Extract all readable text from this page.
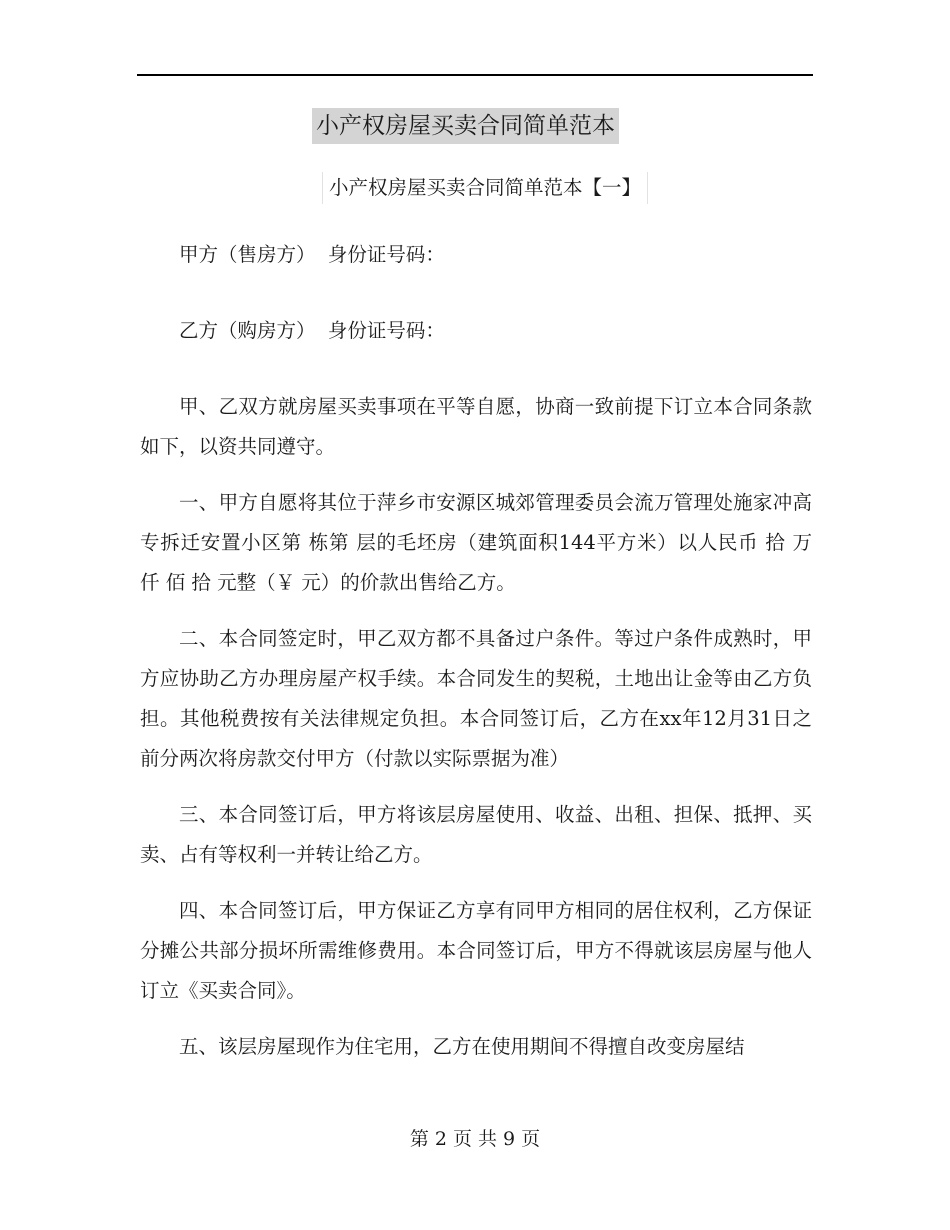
小产权房屋买卖合同简单范本
小产权房屋买卖合同简单范本【一】

甲方（售房方）  身份证号码：

乙方（购房方）  身份证号码：

甲、乙双方就房屋买卖事项在平等自愿，协商一致前提下订立本合同条款如下，以资共同遵守。

一、甲方自愿将其位于萍乡市安源区城郊管理委员会流万管理处施家冲高专拆迁安置小区第 栋第 层的毛坯房（建筑面积144平方米）以人民币 拾 万 仟 佰 拾 元整（￥ 元）的价款出售给乙方。

二、本合同签定时，甲乙双方都不具备过户条件。等过户条件成熟时，甲方应协助乙方办理房屋产权手续。本合同发生的契税，土地出让金等由乙方负担。其他税费按有关法律规定负担。本合同签订后，乙方在xx年12月31日之前分两次将房款交付甲方（付款以实际票据为准）

三、本合同签订后，甲方将该层房屋使用、收益、出租、担保、抵押、买卖、占有等权利一并转让给乙方。

四、本合同签订后，甲方保证乙方享有同甲方相同的居住权利，乙方保证分摊公共部分损坏所需维修费用。本合同签订后，甲方不得就该层房屋与他人订立《买卖合同》。

五、该层房屋现作为住宅用，乙方在使用期间不得擅自改变房屋结

第 2 页 共 9 页
